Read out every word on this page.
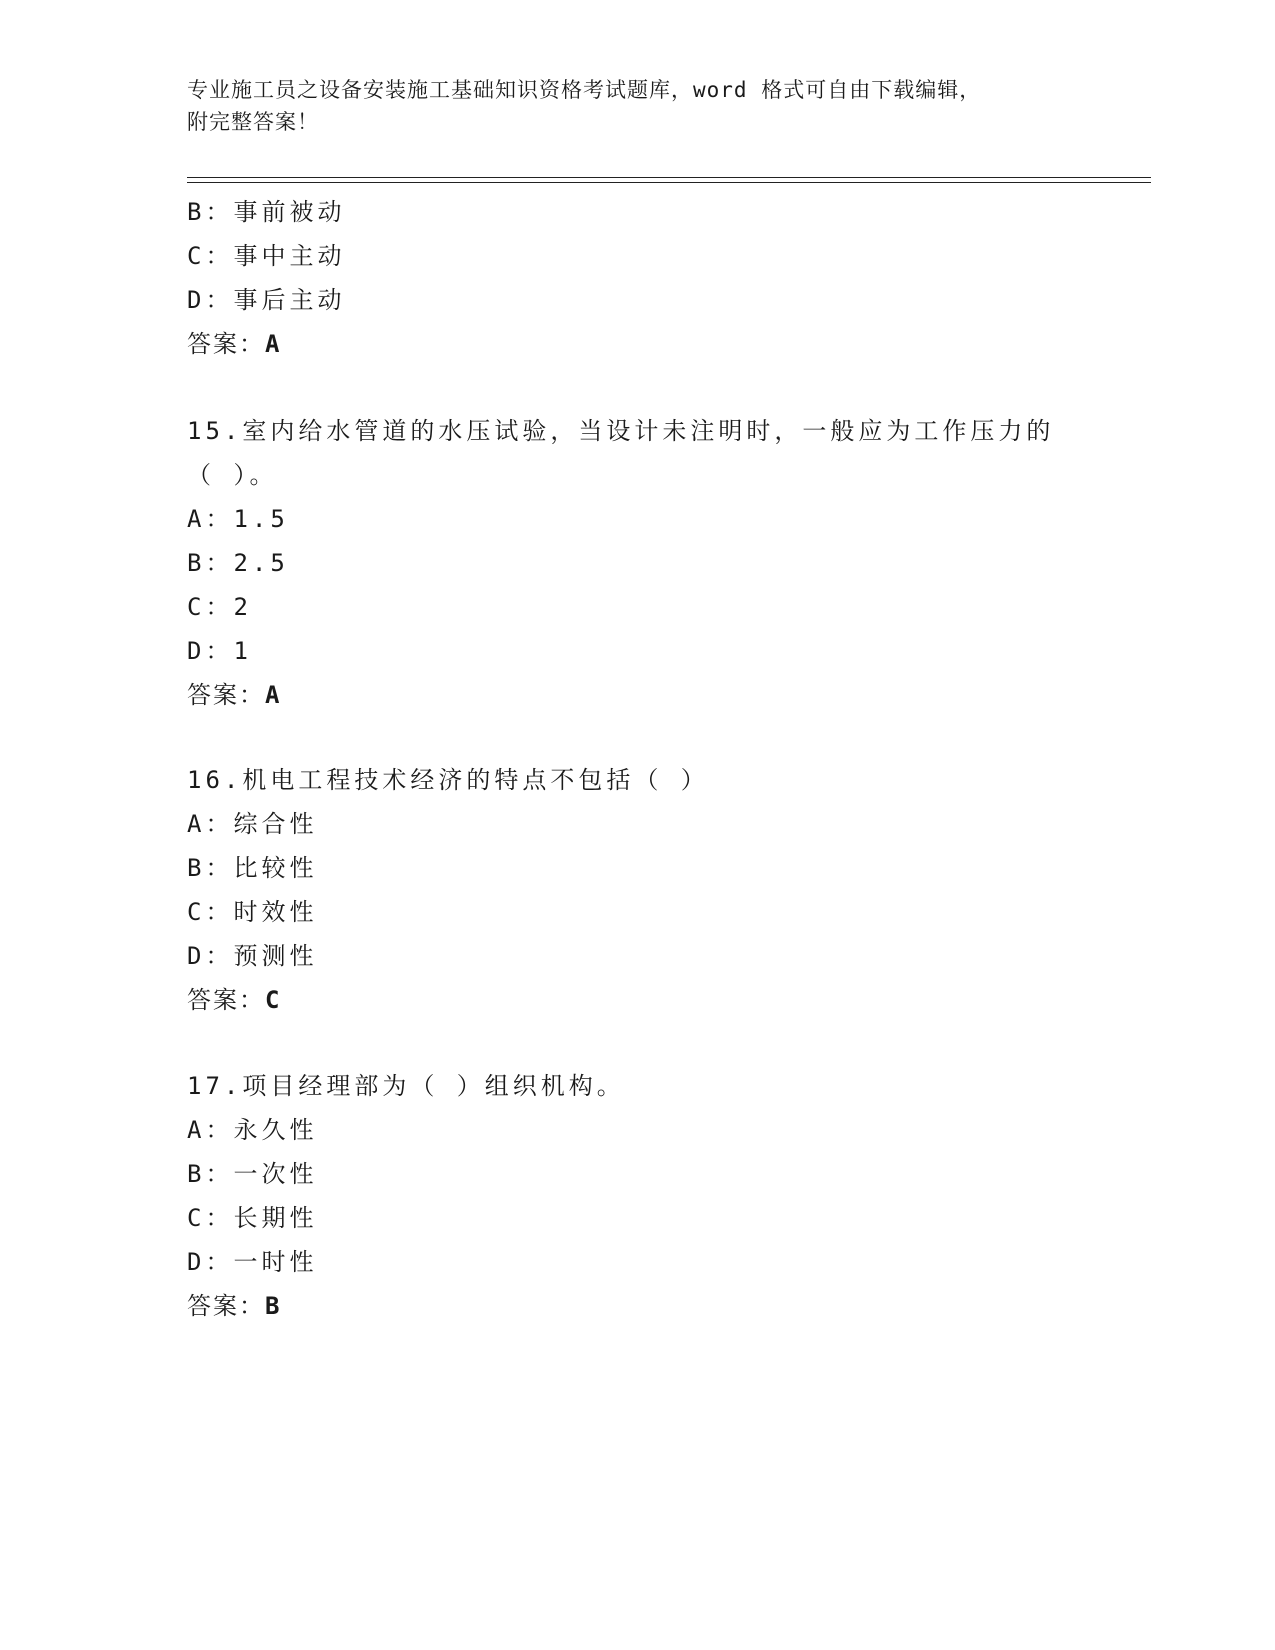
专业施工员之设备安装施工基础知识资格考试题库，word 格式可自由下载编辑，
附完整答案！
B：事前被动
C：事中主动
D：事后主动
答案：A
15.室内给水管道的水压试验，当设计未注明时，一般应为工作压力的
（ ）。
A：1.5
B：2.5
C：2
D：1
答案：A
16.机电工程技术经济的特点不包括（ ）
A：综合性
B：比较性
C：时效性
D：预测性
答案：C
17.项目经理部为（ ）组织机构。
A：永久性
B：一次性
C：长期性
D：一时性
答案：B
